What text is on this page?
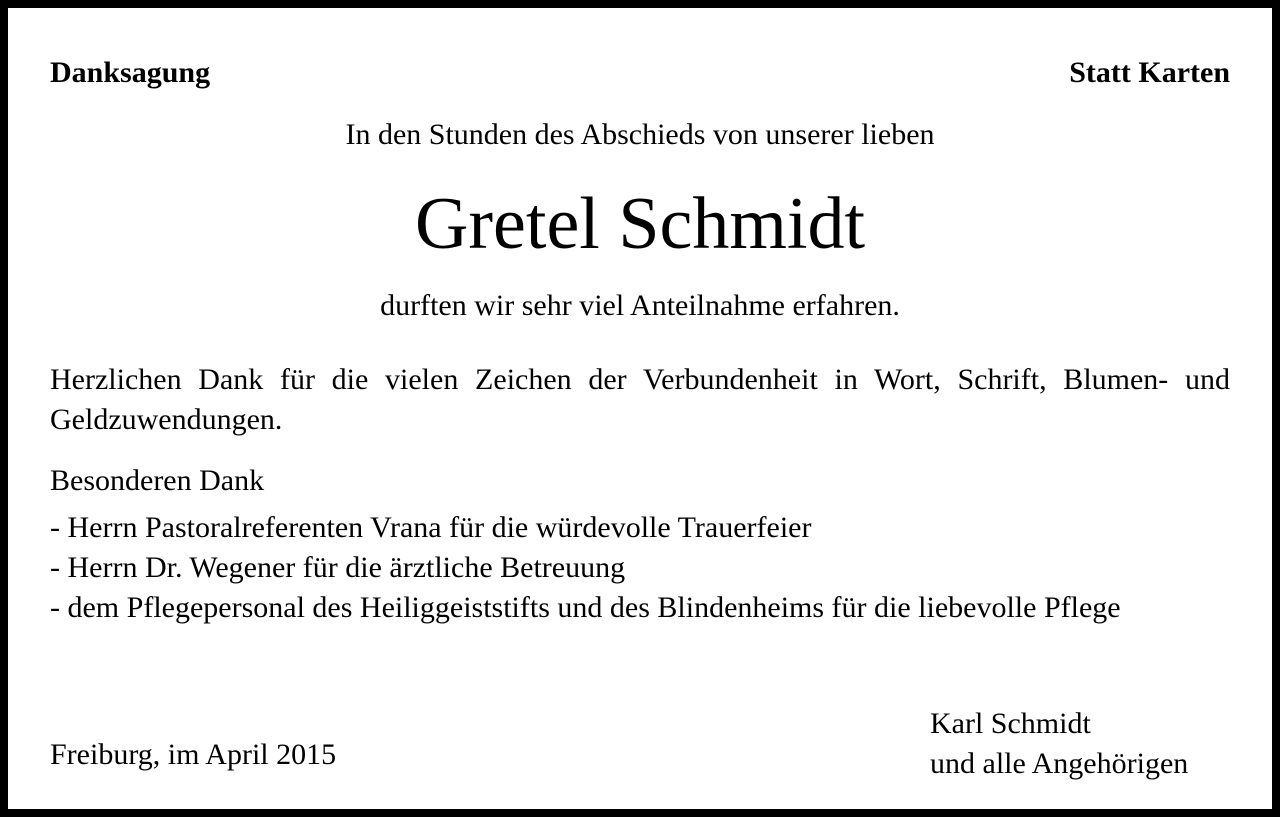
Danksagung	Statt Karten
In den Stunden des Abschieds von unserer lieben
Gretel Schmidt
durften wir sehr viel Anteilnahme erfahren.
Herzlichen Dank für die vielen Zeichen der Verbundenheit in Wort, Schrift, Blumen- und Geldzuwendungen.
Besonderen Dank
- Herrn Pastoralreferenten Vrana für die würdevolle Trauerfeier
- Herrn Dr. Wegener für die ärztliche Betreuung
- dem Pflegepersonal des Heiliggeiststifts und des Blindenheims für die liebevolle Pflege
Freiburg, im April 2015
Karl Schmidt
und alle Angehörigen
